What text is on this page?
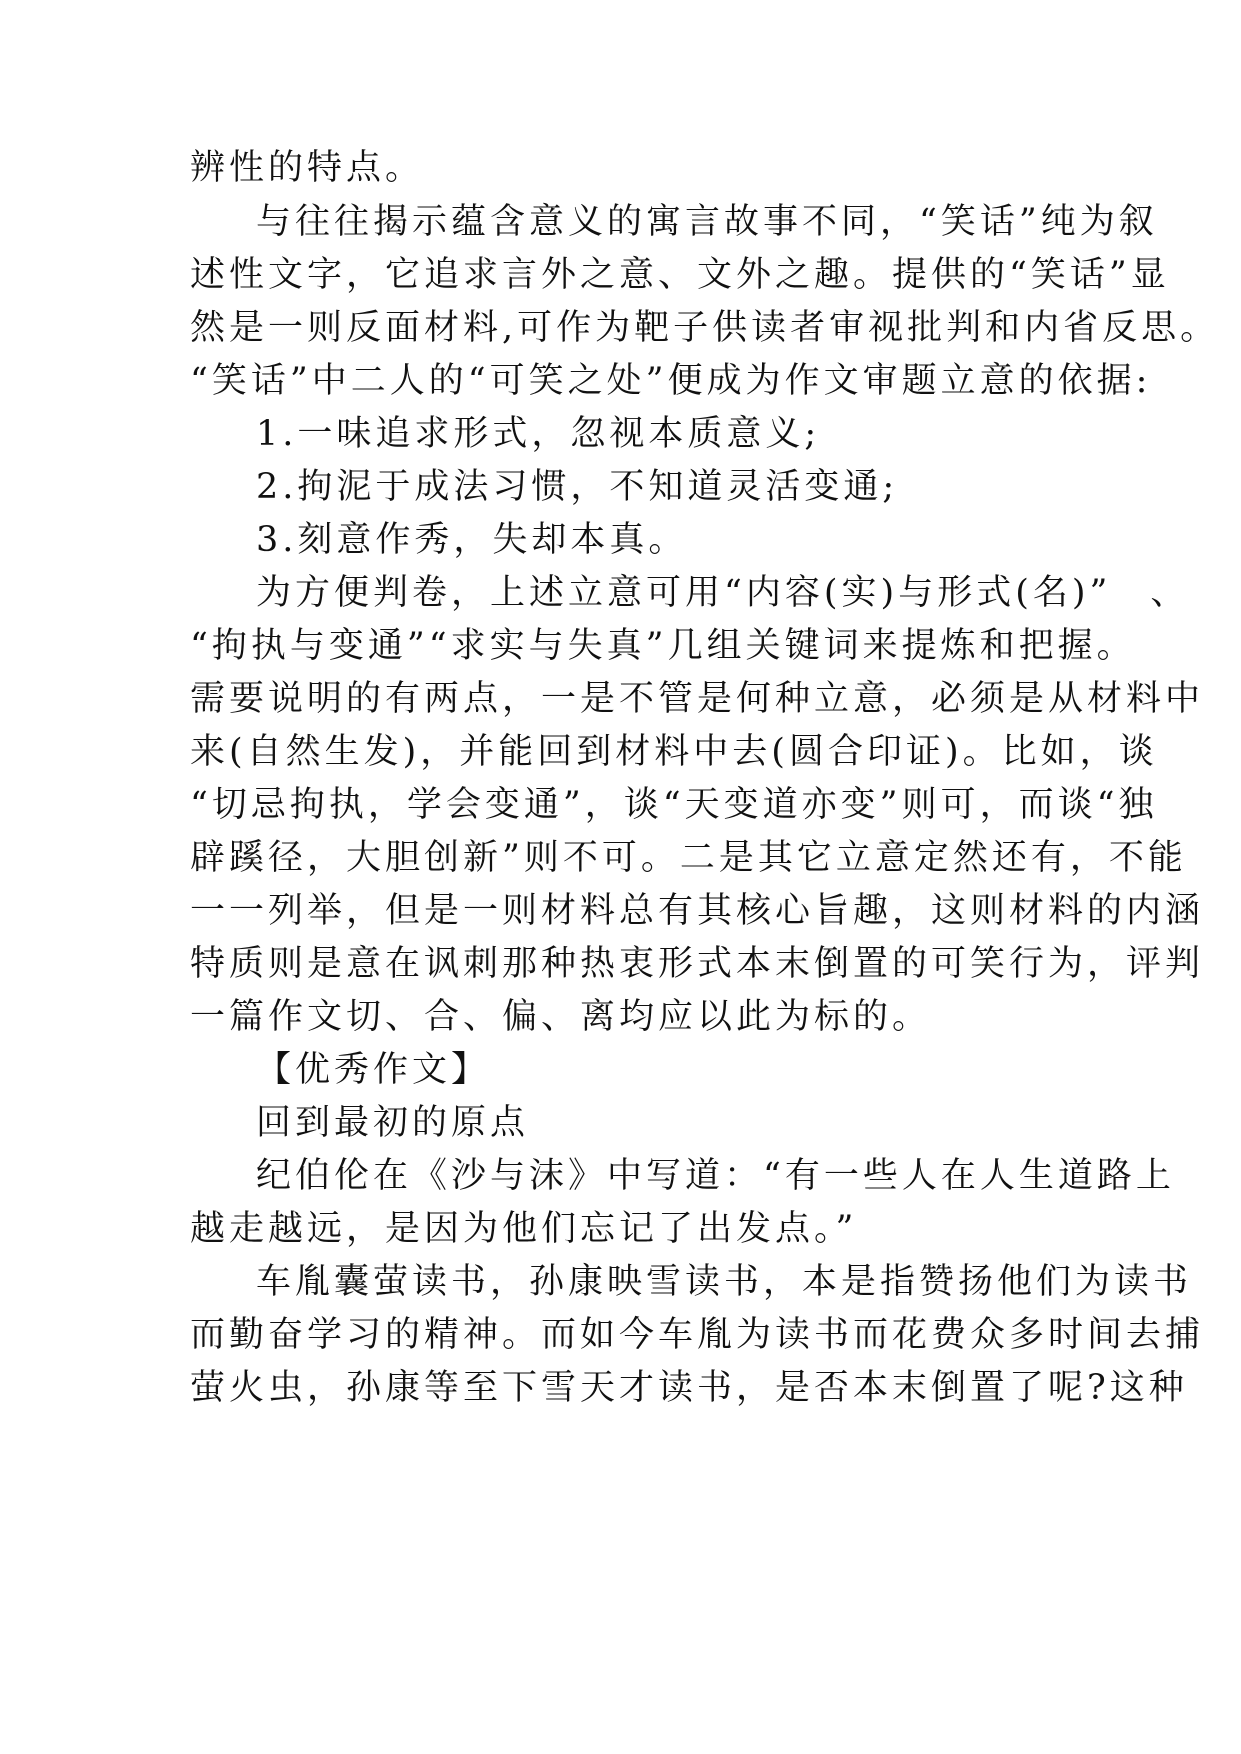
辨性的特点。
与往往揭示蕴含意义的寓言故事不同，“笑话”纯为叙
述性文字，它追求言外之意、文外之趣。提供的“笑话”显
然是一则反面材料,可作为靶子供读者审视批判和内省反思。
“笑话”中二人的“可笑之处”便成为作文审题立意的依据:
1.一味追求形式，忽视本质意义;
2.拘泥于成法习惯，不知道灵活变通;
3.刻意作秀，失却本真。
为方便判卷，上述立意可用“内容(实)与形式(名)”　、
“拘执与变通”“求实与失真”几组关键词来提炼和把握。
需要说明的有两点，一是不管是何种立意，必须是从材料中
来(自然生发)，并能回到材料中去(圆合印证)。比如，谈
“切忌拘执，学会变通”，谈“天变道亦变”则可，而谈“独
辟蹊径，大胆创新”则不可。二是其它立意定然还有，不能
一一列举，但是一则材料总有其核心旨趣，这则材料的内涵
特质则是意在讽刺那种热衷形式本末倒置的可笑行为，评判
一篇作文切、合、偏、离均应以此为标的。
【优秀作文】
回到最初的原点
纪伯伦在《沙与沫》中写道：“有一些人在人生道路上
越走越远，是因为他们忘记了出发点。”
车胤囊萤读书，孙康映雪读书，本是指赞扬他们为读书
而勤奋学习的精神。而如今车胤为读书而花费众多时间去捕
萤火虫，孙康等至下雪天才读书，是否本末倒置了呢?这种
